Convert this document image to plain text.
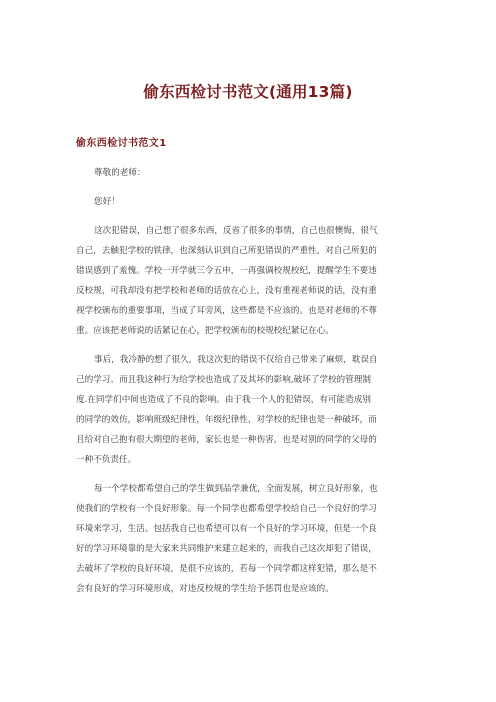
偷东西检讨书范文(通用13篇)
偷东西检讨书范文1
尊敬的老师：
您好！
这次犯错误，自己想了很多东西，反省了很多的事情，自己也很懊悔，很气
自己，去触犯学校的铁律，也深刻认识到自己所犯错误的严重性，对自己所犯的
错误感到了羞愧。学校一开学就三令五申，一再强调校规校纪，提醒学生不要违
反校规，可我却没有把学校和老师的话放在心上，没有重视老师说的话，没有重
视学校颁布的重要事项，当成了耳旁风，这些都是不应该的。也是对老师的不尊
重。应该把老师说的话紧记在心，把学校颁布的校规校纪紧记在心。
事后，我冷静的想了很久，我这次犯的错误不仅给自己带来了麻烦，耽误自
己的学习。而且我这种行为给学校也造成了及其坏的影响,破坏了学校的管理制
度.在同学们中间也造成了不良的影响。由于我一个人的犯错误，有可能造成别
的同学的效仿，影响班级纪律性，年级纪律性，对学校的纪律也是一种破坏，而
且给对自己抱有很大期望的老师，家长也是一种伤害，也是对别的同学的父母的
一种不负责任。
每一个学校都希望自己的学生做到品学兼优，全面发展，树立良好形象，也
使我们的学校有一个良好形象。每一个同学也都希望学校给自己一个良好的学习
环境来学习，生活。包括我自己也希望可以有一个良好的学习环境，但是一个良
好的学习环境靠的是大家来共同维护来建立起来的，而我自己这次却犯了错误，
去破坏了学校的良好环境，是很不应该的，若每一个同学都这样犯错，那么是不
会有良好的学习环境形成，对违反校规的学生给予惩罚也是应该的。
